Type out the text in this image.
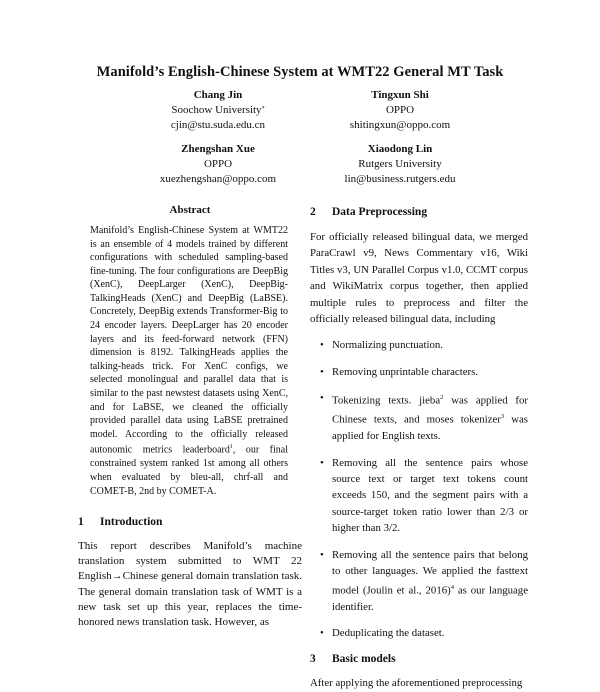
Manifold’s English-Chinese System at WMT22 General MT Task
Chang Jin
Soochow University*
cjin@stu.suda.edu.cn
Tingxun Shi
OPPO
shitingxun@oppo.com
Zhengshan Xue
OPPO
xuezhengshan@oppo.com
Xiaodong Lin
Rutgers University
lin@business.rutgers.edu
Abstract
Manifold’s English-Chinese System at WMT22 is an ensemble of 4 models trained by different configurations with scheduled sampling-based fine-tuning. The four configurations are DeepBig (XenC), DeepLarger (XenC), DeepBig-TalkingHeads (XenC) and DeepBig (LaBSE). Concretely, DeepBig extends Transformer-Big to 24 encoder layers. DeepLarger has 20 encoder layers and its feed-forward network (FFN) dimension is 8192. TalkingHeads applies the talking-heads trick. For XenC configs, we selected monolingual and parallel data that is similar to the past newstest datasets using XenC, and for LaBSE, we cleaned the officially provided parallel data using LaBSE pretrained model. According to the officially released autonomic metrics leaderboard$^1$, our final constrained system ranked 1st among all others when evaluated by bleu-all, chrf-all and COMET-B, 2nd by COMET-A.
1 Introduction
This report describes Manifold’s machine translation system submitted to WMT 22 English→Chinese general domain translation task. The general domain translation task of WMT is a new task set up this year, replaces the time-honored news translation task. However, as
2 Data Preprocessing
For officially released bilingual data, we merged ParaCrawl v9, News Commentary v16, Wiki Titles v3, UN Parallel Corpus v1.0, CCMT corpus and WikiMatrix corpus together, then applied multiple rules to preprocess and filter the officially released bilingual data, including
• Normalizing punctuation.
• Removing unprintable characters.
• Tokenizing texts. jieba$^2$ was applied for Chinese texts, and moses tokenizer$^3$ was applied for English texts.
• Removing all the sentence pairs whose source text or target text tokens count exceeds 150, and the segment pairs with a source-target token ratio lower than 2/3 or higher than 3/2.
• Removing all the sentence pairs that belong to other languages. We applied the fasttext model (Joulin et al., 2016)$^4$ as our language identifier.
• Deduplicating the dataset.
3 Basic models
After applying the aforementioned preprocessing
